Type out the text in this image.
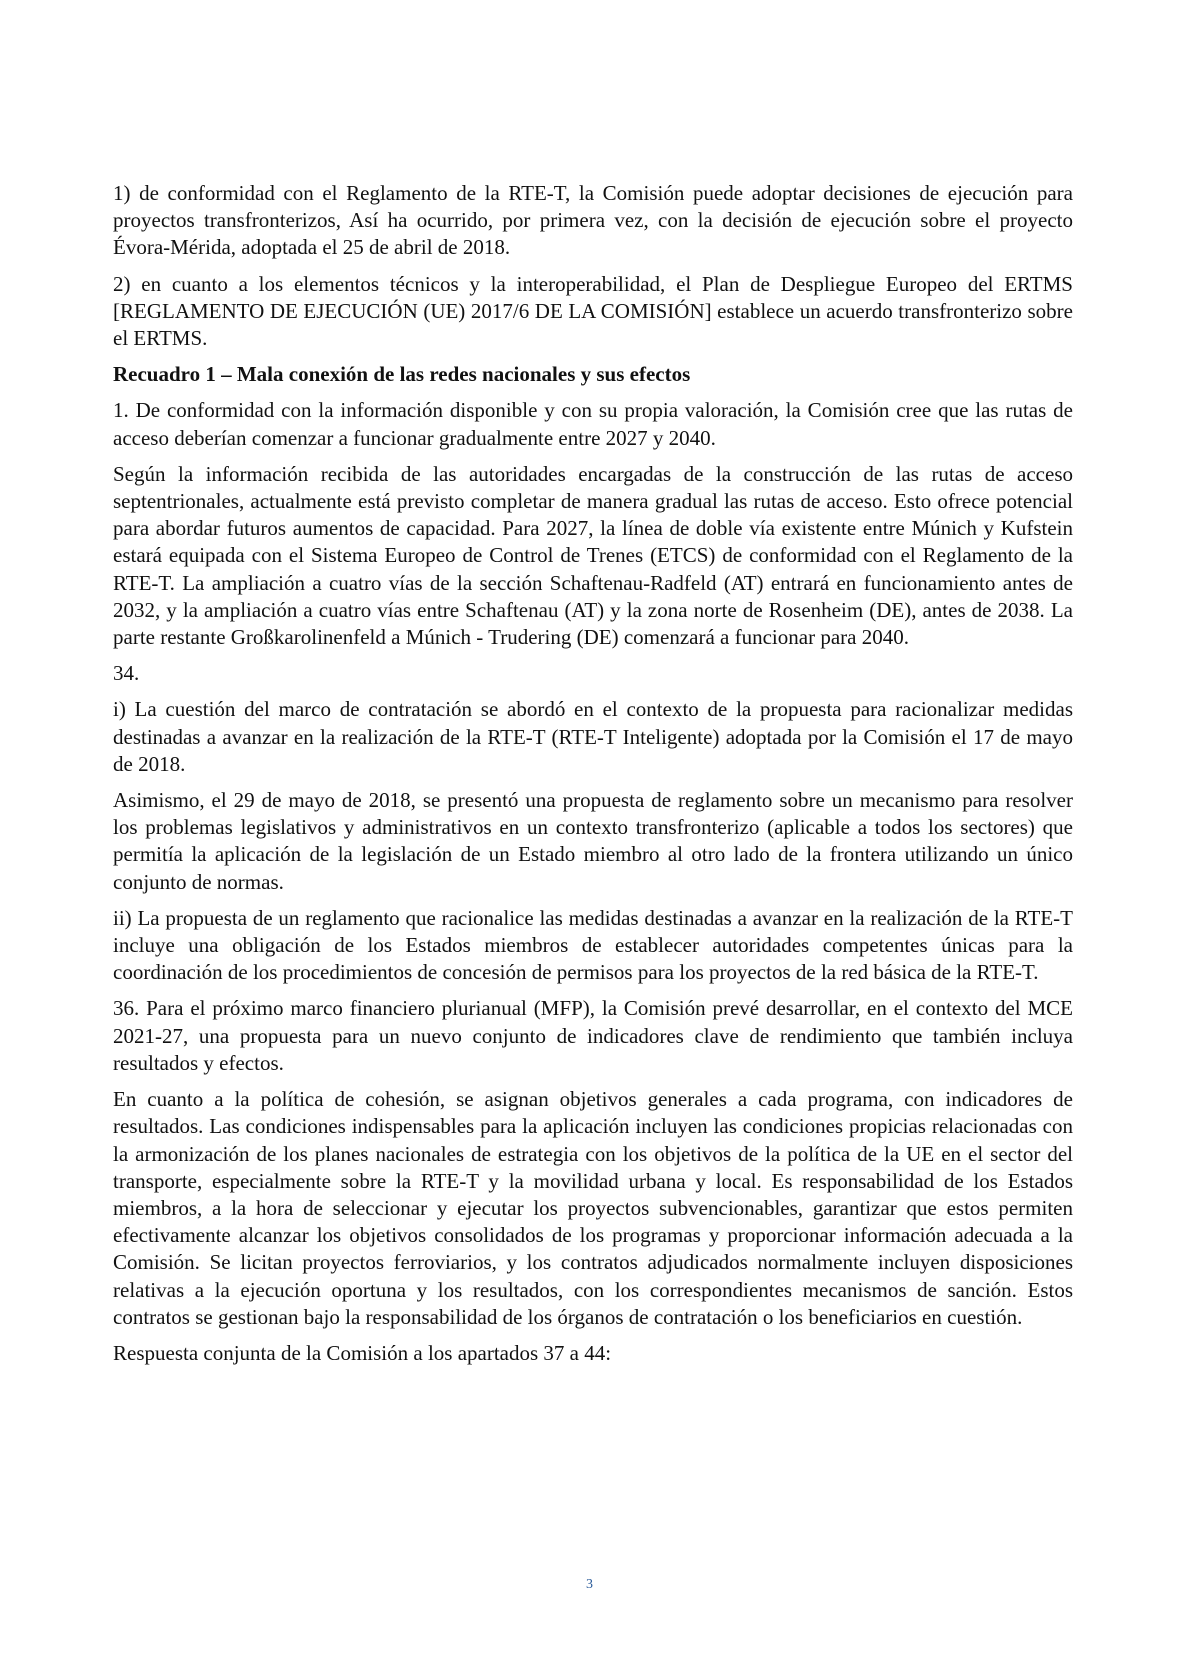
1) de conformidad con el Reglamento de la RTE-T, la Comisión puede adoptar decisiones de ejecución para proyectos transfronterizos, Así ha ocurrido, por primera vez, con la decisión de ejecución sobre el proyecto Évora-Mérida, adoptada el 25 de abril de 2018.

2) en cuanto a los elementos técnicos y la interoperabilidad, el Plan de Despliegue Europeo del ERTMS [REGLAMENTO DE EJECUCIÓN (UE) 2017/6 DE LA COMISIÓN] establece un acuerdo transfronterizo sobre el ERTMS.

Recuadro 1 – Mala conexión de las redes nacionales y sus efectos

1. De conformidad con la información disponible y con su propia valoración, la Comisión cree que las rutas de acceso deberían comenzar a funcionar gradualmente entre 2027 y 2040.

Según la información recibida de las autoridades encargadas de la construcción de las rutas de acceso septentrionales, actualmente está previsto completar de manera gradual las rutas de acceso. Esto ofrece potencial para abordar futuros aumentos de capacidad. Para 2027, la línea de doble vía existente entre Múnich y Kufstein estará equipada con el Sistema Europeo de Control de Trenes (ETCS) de conformidad con el Reglamento de la RTE-T. La ampliación a cuatro vías de la sección Schaftenau-Radfeld (AT) entrará en funcionamiento antes de 2032, y la ampliación a cuatro vías entre Schaftenau (AT) y la zona norte de Rosenheim (DE), antes de 2038. La parte restante Großkarolinenfeld a Múnich - Trudering (DE) comenzará a funcionar para 2040.

34.

i) La cuestión del marco de contratación se abordó en el contexto de la propuesta para racionalizar medidas destinadas a avanzar en la realización de la RTE-T (RTE-T Inteligente) adoptada por la Comisión el 17 de mayo de 2018.

Asimismo, el 29 de mayo de 2018, se presentó una propuesta de reglamento sobre un mecanismo para resolver los problemas legislativos y administrativos en un contexto transfronterizo (aplicable a todos los sectores) que permitía la aplicación de la legislación de un Estado miembro al otro lado de la frontera utilizando un único conjunto de normas.

ii) La propuesta de un reglamento que racionalice las medidas destinadas a avanzar en la realización de la RTE-T incluye una obligación de los Estados miembros de establecer autoridades competentes únicas para la coordinación de los procedimientos de concesión de permisos para los proyectos de la red básica de la RTE-T.

36. Para el próximo marco financiero plurianual (MFP), la Comisión prevé desarrollar, en el contexto del MCE 2021-27, una propuesta para un nuevo conjunto de indicadores clave de rendimiento que también incluya resultados y efectos.

En cuanto a la política de cohesión, se asignan objetivos generales a cada programa, con indicadores de resultados. Las condiciones indispensables para la aplicación incluyen las condiciones propicias relacionadas con la armonización de los planes nacionales de estrategia con los objetivos de la política de la UE en el sector del transporte, especialmente sobre la RTE-T y la movilidad urbana y local. Es responsabilidad de los Estados miembros, a la hora de seleccionar y ejecutar los proyectos subvencionables, garantizar que estos permiten efectivamente alcanzar los objetivos consolidados de los programas y proporcionar información adecuada a la Comisión. Se licitan proyectos ferroviarios, y los contratos adjudicados normalmente incluyen disposiciones relativas a la ejecución oportuna y los resultados, con los correspondientes mecanismos de sanción. Estos contratos se gestionan bajo la responsabilidad de los órganos de contratación o los beneficiarios en cuestión.

Respuesta conjunta de la Comisión a los apartados 37 a 44:

3
